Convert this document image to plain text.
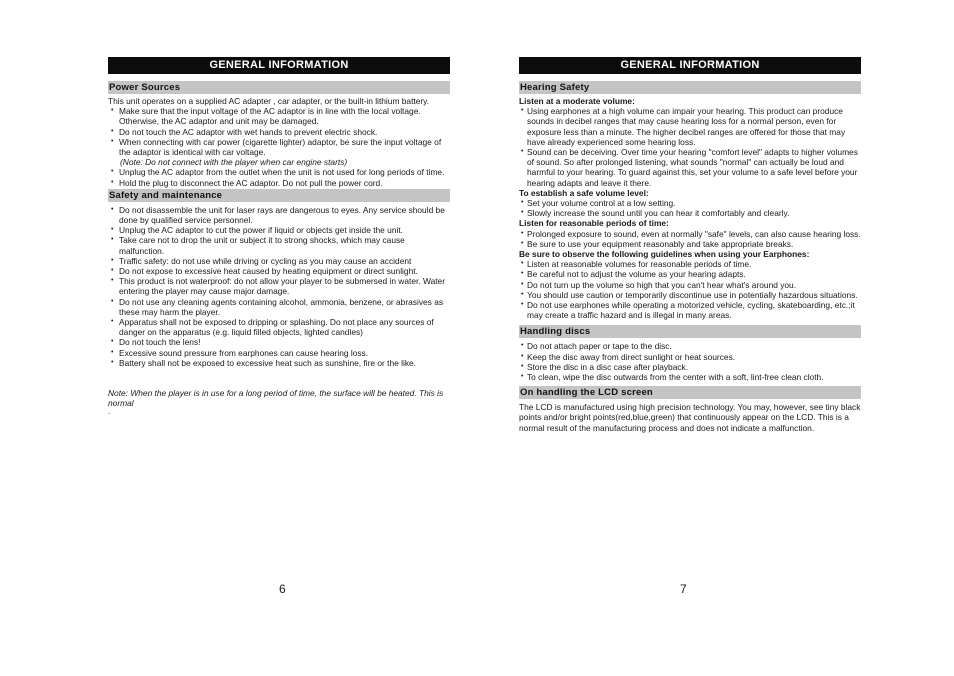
GENERAL INFORMATION
Power Sources

This unit operates on a supplied AC adapter , car adapter, or the built-in lithium battery.

• Make sure that the input voltage of the AC adaptor is in line with the local voltage. Otherwise, the AC adaptor and unit may be damaged.
• Do not touch the AC adaptor with wet hands to prevent electric shock.
• When connecting with car power (cigarette lighter) adaptor, be sure the input voltage of the adaptor is identical with car voltage.

(Note: Do not connect with the player when car engine starts)

• Unplug the AC adaptor from the outlet when the unit is not used for long periods of time.
• Hold the plug to disconnect the AC adaptor. Do not pull the power cord.
Safety and maintenance
• Do not disassemble the unit for laser rays are dangerous to eyes. Any service should be done by qualified service personnel.
• Unplug the AC adaptor to cut the power if liquid or objects get inside the unit.
• Take care not to drop the unit or subject it to strong shocks, which may cause malfunction.
• Traffic safety: do not use while driving or cycling as you may cause an accident
• Do not expose to excessive heat caused by heating equipment or direct sunlight.
• This product is not waterproof: do not allow your player to be submersed in water. Water entering the player may cause major damage.
• Do not use any cleaning agents containing alcohol, ammonia, benzene, or abrasives as these may harm the player.
• Apparatus shall not be exposed to dripping or splashing. Do not place any sources of danger on the apparatus (e.g. liquid filled objects, lighted candles)
• Do not touch the lens!
• Excessive sound pressure from earphones can cause hearing loss.
• Battery shall not be exposed to excessive heat such as sunshine, fire or the like.

Note: When the player is in use for a long period of time, the surface will be heated. This is normal

.
6
GENERAL INFORMATION
Hearing Safety
Listen at a moderate volume:
• Using earphones at a high volume can impair your hearing. This product can produce sounds in decibel ranges that may cause hearing loss for a normal person, even for exposure less than a minute. The higher decibel ranges are offered for those that may have already experienced some hearing loss.
• Sound can be deceiving. Over time your hearing "comfort level" adapts to higher volumes of sound. So after prolonged listening, what sounds "normal" can actually be loud and harmful to your hearing. To guard against this, set your volume to a safe level before your hearing adapts and leave it there.
To establish a safe volume level:
• Set your volume control at a low setting.
• Slowly increase the sound until you can hear it comfortably and clearly.
Listen for reasonable periods of time:
• Prolonged exposure to sound, even at normally "safe" levels, can also cause hearing loss.
• Be sure to use your equipment reasonably and take appropriate breaks.
Be sure to observe the following guidelines when using your Earphones:
• Listen at reasonable volumes for reasonable periods of time.
• Be careful not to adjust the volume as your hearing adapts.
• Do not turn up the volume so high that you can't hear what's around you.
• You should use caution or temporarily discontinue use in potentially hazardous situations.
• Do not use earphones while operating a motorized vehicle, cycling, skateboarding, etc.;it may create a traffic hazard and is illegal in many areas.
Handling discs
• Do not attach paper or tape to the disc.
• Keep the disc away from direct sunlight or heat sources.
• Store the disc in a disc case after playback.
• To clean, wipe the disc outwards from the center with a soft, lint-free clean cloth.
On handling the LCD screen

The LCD is manufactured using high precision technology. You may, however, see tiny black points and/or bright points(red,blue,green) that continuously appear on the LCD. This is a normal result of the manufacturing process and does not indicate a malfunction.

7
